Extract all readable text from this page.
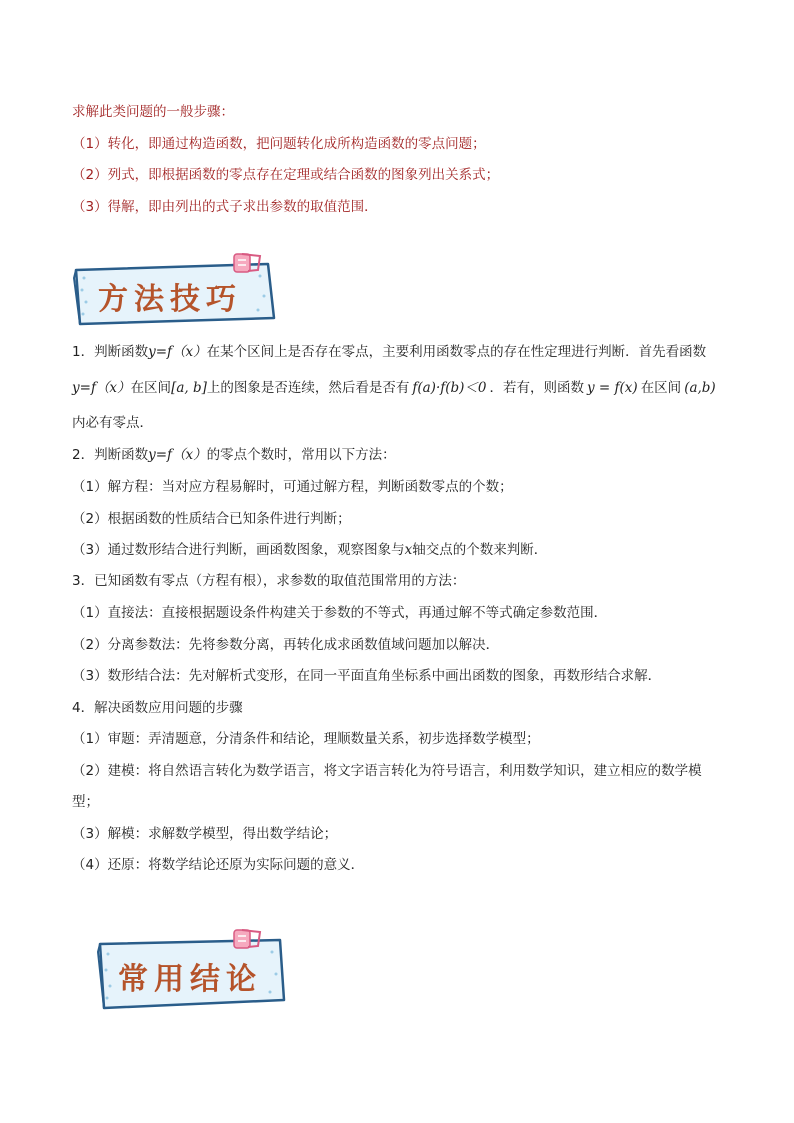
求解此类问题的一般步骤：
（1）转化，即通过构造函数，把问题转化成所构造函数的零点问题；
（2）列式，即根据函数的零点存在定理或结合函数的图象列出关系式；
（3）得解，即由列出的式子求出参数的取值范围．
方法技巧
1．判断函数y=f（x）在某个区间上是否存在零点，主要利用函数零点的存在性定理进行判断．首先看函数
y=f（x）在区间[a, b]上的图象是否连续，然后看是否有 f(a)·f(b)＜0 ．若有，则函数 y = f(x) 在区间 (a,b)
内必有零点．
2．判断函数y=f（x）的零点个数时，常用以下方法：
（1）解方程：当对应方程易解时，可通过解方程，判断函数零点的个数；
（2）根据函数的性质结合已知条件进行判断；
（3）通过数形结合进行判断，画函数图象，观察图象与x轴交点的个数来判断．
3．已知函数有零点（方程有根），求参数的取值范围常用的方法：
（1）直接法：直接根据题设条件构建关于参数的不等式，再通过解不等式确定参数范围．
（2）分离参数法：先将参数分离，再转化成求函数值域问题加以解决．
（3）数形结合法：先对解析式变形，在同一平面直角坐标系中画出函数的图象，再数形结合求解．
4．解决函数应用问题的步骤
（1）审题：弄清题意，分清条件和结论，理顺数量关系，初步选择数学模型；
（2）建模：将自然语言转化为数学语言，将文字语言转化为符号语言，利用数学知识，建立相应的数学模
型；
（3）解模：求解数学模型，得出数学结论；
（4）还原：将数学结论还原为实际问题的意义．
常用结论
